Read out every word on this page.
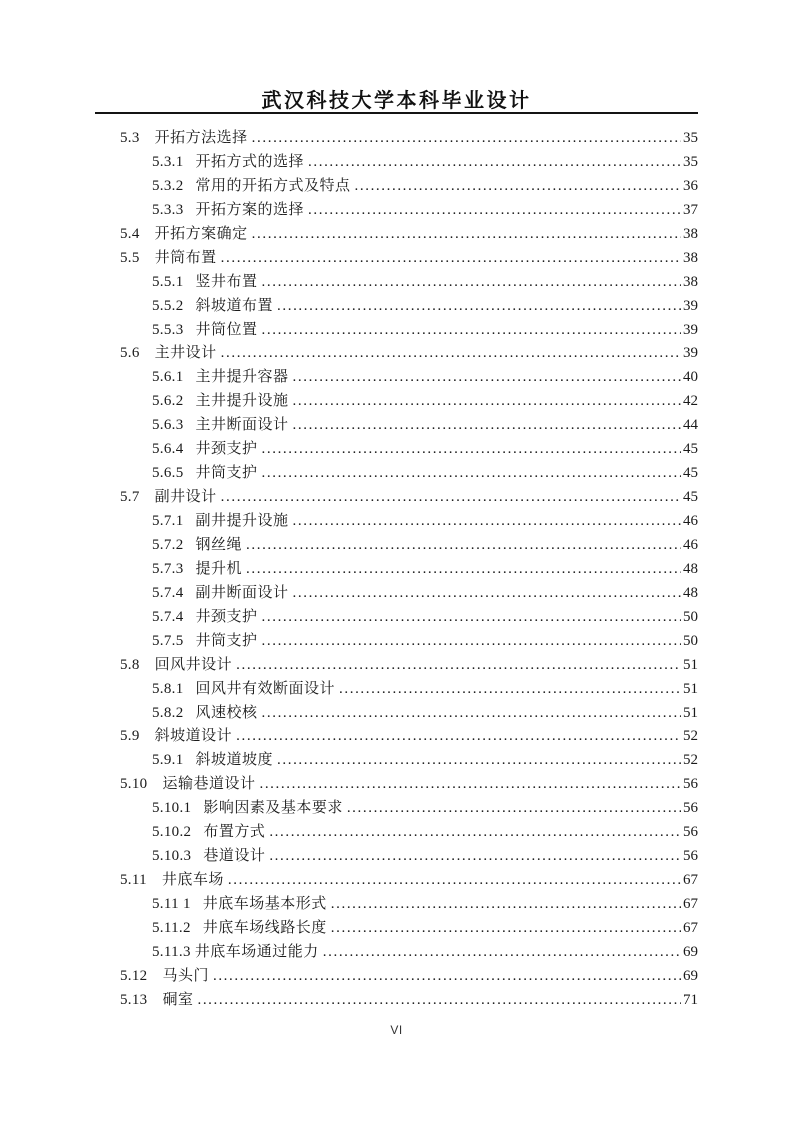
武汉科技大学本科毕业设计
5.3 开拓方法选择 .....	35
5.3.1 开拓方式的选择 .....	35
5.3.2 常用的开拓方式及特点 .....	36
5.3.3 开拓方案的选择 .....	37
5.4 开拓方案确定 .....	38
5.5 井筒布置 .....	38
5.5.1 竖井布置 .....	38
5.5.2 斜坡道布置 .....	39
5.5.3 井筒位置 .....	39
5.6 主井设计 .....	39
5.6.1 主井提升容器 .....	40
5.6.2 主井提升设施 .....	42
5.6.3 主井断面设计 .....	44
5.6.4 井颈支护 .....	45
5.6.5 井筒支护 .....	45
5.7 副井设计 .....	45
5.7.1 副井提升设施 .....	46
5.7.2 钢丝绳 .....	46
5.7.3 提升机 .....	48
5.7.4 副井断面设计 .....	48
5.7.4 井颈支护 .....	50
5.7.5 井筒支护 .....	50
5.8 回风井设计 .....	51
5.8.1 回风井有效断面设计 .....	51
5.8.2 风速校核 .....	51
5.9 斜坡道设计 .....	52
5.9.1 斜坡道坡度 .....	52
5.10 运输巷道设计 .....	56
5.10.1 影响因素及基本要求 .....	56
5.10.2 布置方式 .....	56
5.10.3 巷道设计 .....	56
5.11 井底车场 .....	67
5.11 1 井底车场基本形式 .....	67
5.11.2 井底车场线路长度 .....	67
5.11.3 井底车场通过能力 .....	69
5.12 马头门 .....	69
5.13 硐室 .....	71
VI
